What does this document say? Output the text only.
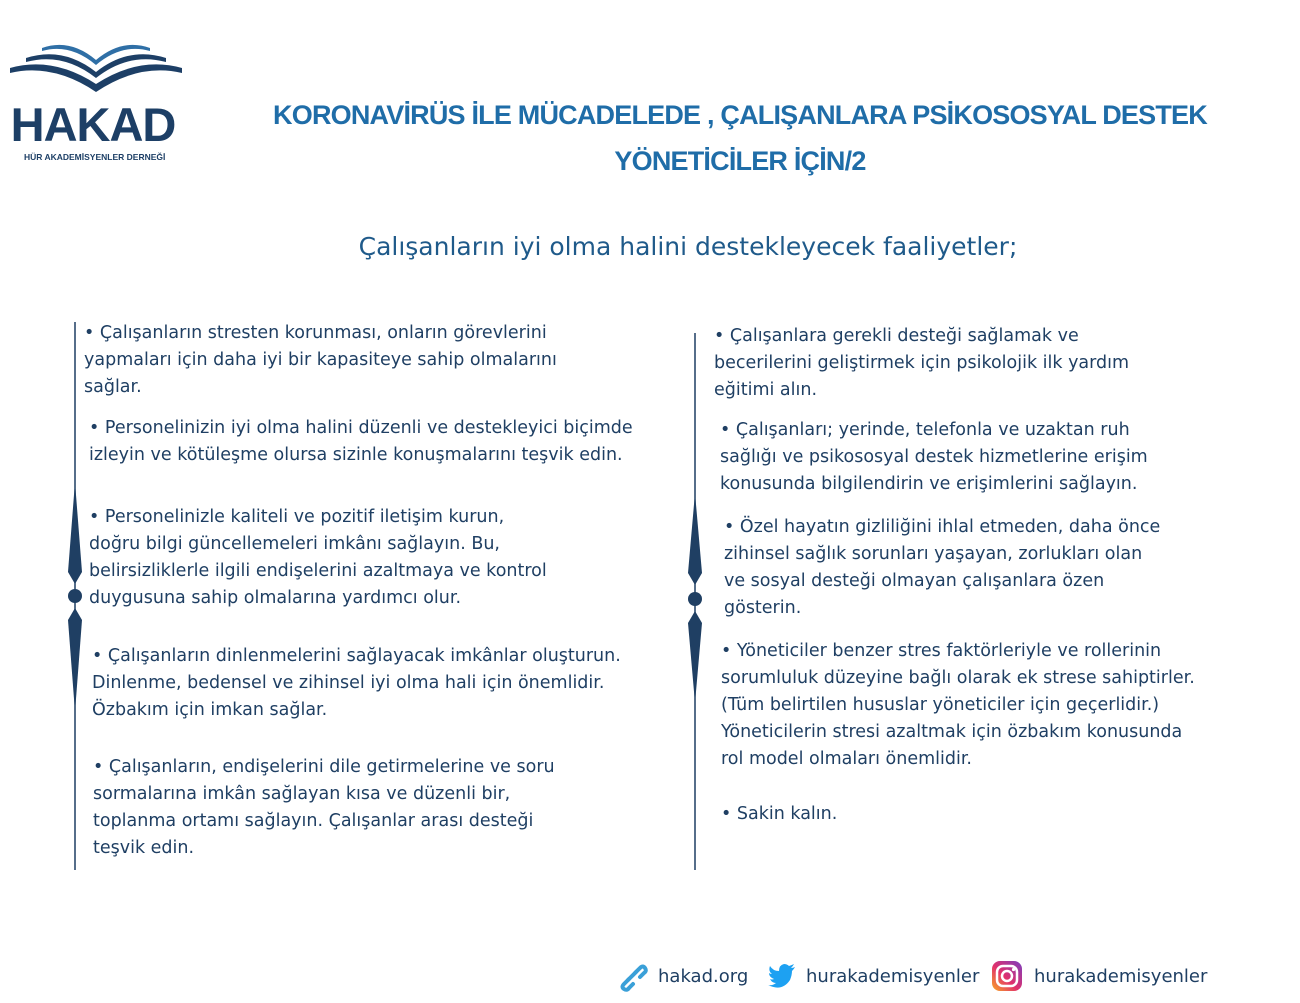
HAKAD
HÜR AKADEMİSYENLER DERNEĞİ
KORONAVİRÜS İLE MÜCADELEDE , ÇALIŞANLARA PSİKOSOSYAL DESTEK
YÖNETİCİLER İÇİN/2
Çalışanların iyi olma halini destekleyecek faaliyetler;
• Çalışanların stresten korunması, onların görevlerini
yapmaları için daha iyi bir kapasiteye sahip olmalarını
sağlar.
• Personelinizin iyi olma halini düzenli ve destekleyici biçimde
izleyin ve kötüleşme olursa sizinle konuşmalarını teşvik edin.
• Personelinizle kaliteli ve pozitif iletişim kurun,
doğru bilgi güncellemeleri imkânı sağlayın. Bu,
belirsizliklerle ilgili endişelerini azaltmaya ve kontrol
duygusuna sahip olmalarına yardımcı olur.
• Çalışanların dinlenmelerini sağlayacak imkânlar oluşturun.
Dinlenme, bedensel ve zihinsel iyi olma hali için önemlidir.
Özbakım için imkan sağlar.
• Çalışanların, endişelerini dile getirmelerine ve soru
sormalarına imkân sağlayan kısa ve düzenli bir,
toplanma ortamı sağlayın. Çalışanlar arası desteği
teşvik edin.
• Çalışanlara gerekli desteği sağlamak ve
becerilerini geliştirmek için psikolojik ilk yardım
eğitimi alın.
• Çalışanları; yerinde, telefonla ve uzaktan ruh
sağlığı ve psikososyal destek hizmetlerine erişim
konusunda bilgilendirin ve erişimlerini sağlayın.
• Özel hayatın gizliliğini ihlal etmeden, daha önce
zihinsel sağlık sorunları yaşayan, zorlukları olan
ve sosyal desteği olmayan çalışanlara özen
gösterin.
• Yöneticiler benzer stres faktörleriyle ve rollerinin
sorumluluk düzeyine bağlı olarak ek strese sahiptirler.
(Tüm belirtilen hususlar yöneticiler için geçerlidir.)
Yöneticilerin stresi azaltmak için özbakım konusunda
rol model olmaları önemlidir.
• Sakin kalın.
hakad.org	hurakademisyenler	hurakademisyenler
